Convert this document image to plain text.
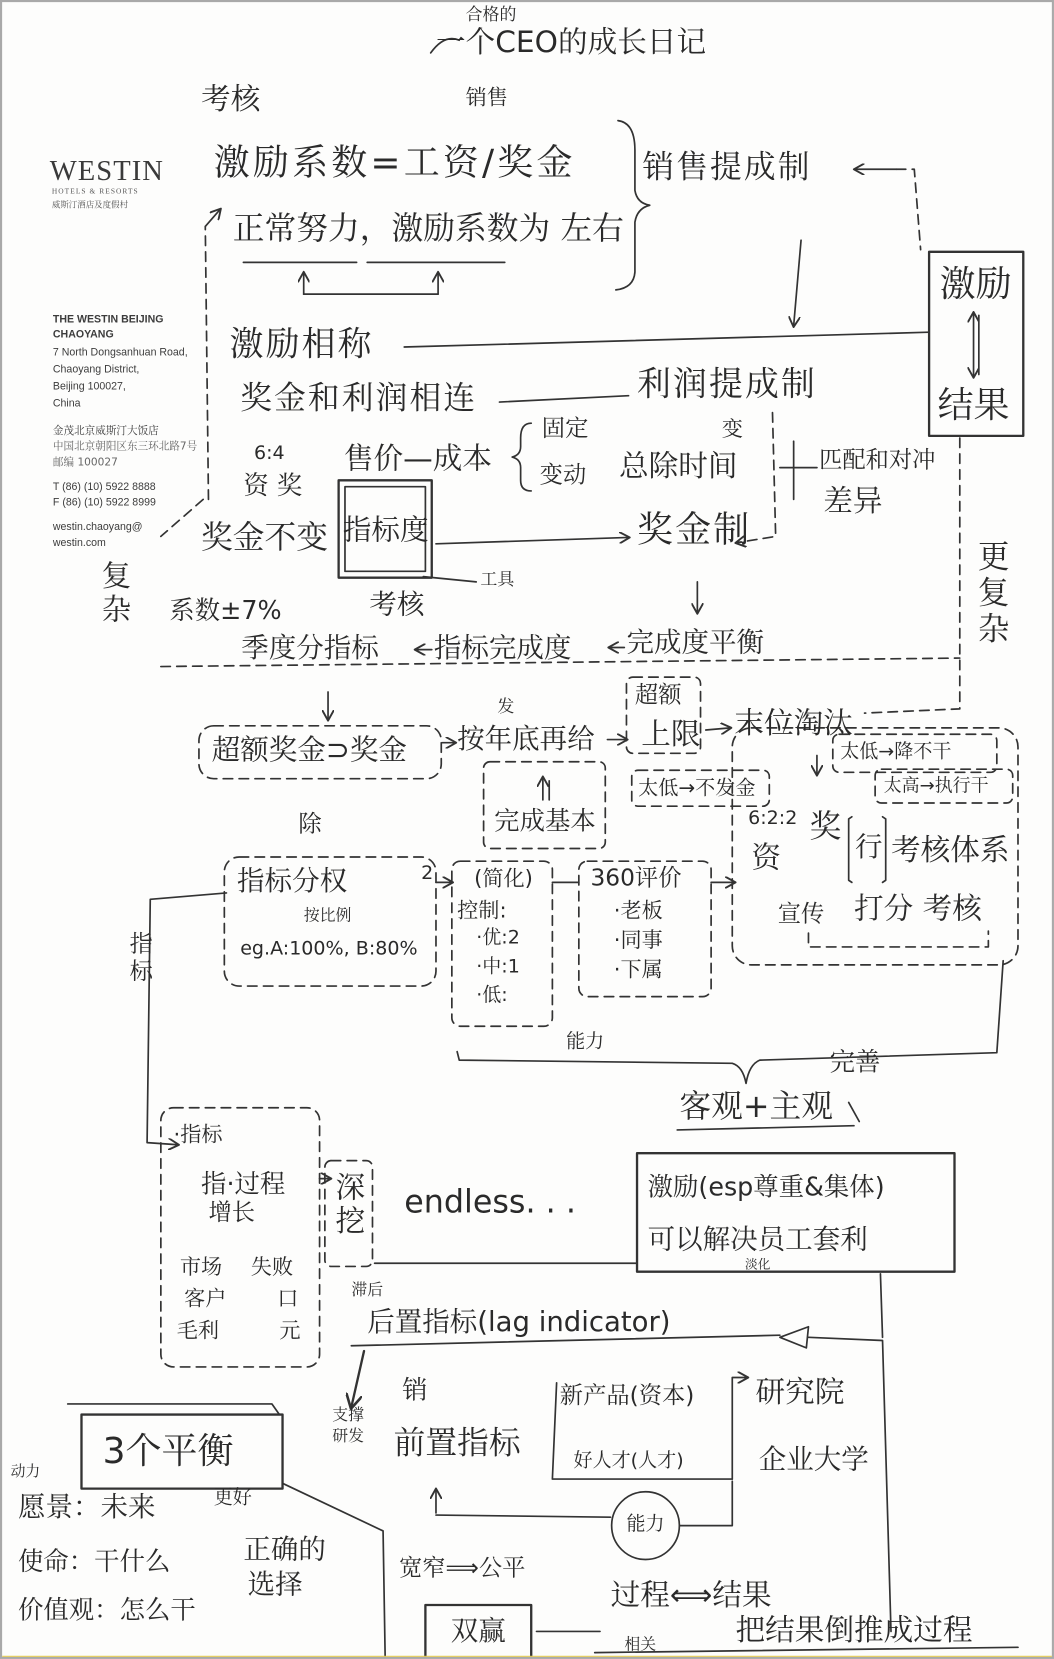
WESTIN
HOTELS & RESORTS
威斯汀酒店及度假村
THE WESTIN BEIJING
CHAOYANG
7 North Dongsanhuan Road,
Chaoyang District,
Beijing 100027,
China
金茂北京威斯汀大饭店
中国北京朝阳区东三环北路7号
邮编 100027
T (86) (10) 5922 8888
F (86) (10) 5922 8999
westin.chaoyang@
westin.com
合格的
一个CEO的成长日记
考核	销售
激励系数=工资/奖金
正常努力，激励系数为 左右
销售提成制
激励
结果
激励相称
奖金和利润相连	利润提成制
变
6:4
资 奖
售价—成本
固定
变动 总除时间	匹配和对冲
差异
奖金制
奖金不变 指标度
考核
工具
复杂 系数±7%
季度分指标 指标完成度 完成度平衡	更复杂
超额
上限 末位淘汰
超额奖金⊃奖金
发
按年底再给
完成基本
太低→不发金
太低→降不干
太高→执行干
6:2:2
资
奖
行 考核体系
宣传 打分 考核
除
指标分权
按比例
eg.A:100%, B:80%
2 (简化)
控制:
·优:2
·中:1
·低:
360评价
·老板
·同事
·下属
指标
能力
完善
客观+主观
·指标
指·过程
增长
市场 失败
客户	口
毛利	元
深挖 endless. . .	激励(esp尊重&集体)
可以解决员工套利
淡化
滞后
后置指标(lag indicator)
3个平衡
动力
愿景：未来
使命：干什么
价值观：怎么干
更好
正确的
选择
支撑
研发
销
前置指标
新产品(资本) 研究院
好人才(人才)	企业大学
能力
过程⟺结果
宽窄⟹公平
双赢	把结果倒推成过程
相关
